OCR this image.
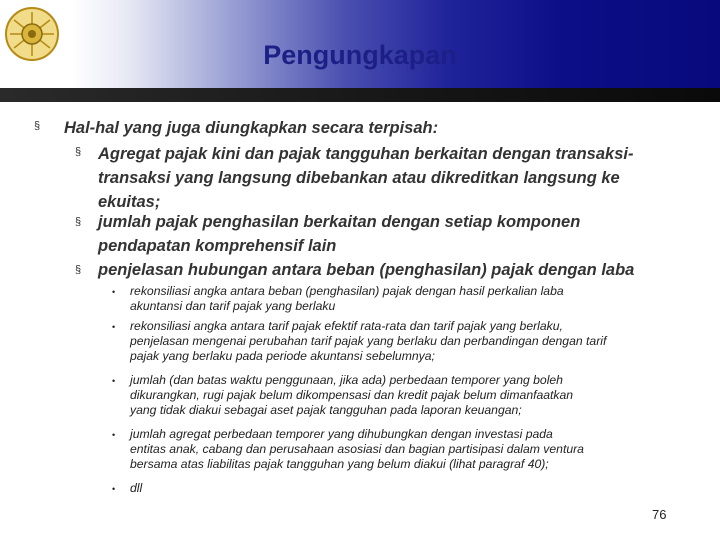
Pengungkapan
§ Hal-hal yang juga diungkapkan secara terpisah:
§ Agregat pajak kini dan pajak tangguhan berkaitan dengan transaksi-
transaksi yang langsung dibebankan atau dikreditkan langsung ke
ekuitas;
§ jumlah pajak penghasilan berkaitan dengan setiap komponen
pendapatan komprehensif lain
§ penjelasan hubungan antara beban (penghasilan) pajak dengan laba
• rekonsiliasi angka antara beban (penghasilan) pajak dengan hasil perkalian laba
akuntansi dan tarif pajak yang berlaku
• rekonsiliasi angka antara tarif pajak efektif rata-rata dan tarif pajak yang berlaku,
penjelasan mengenai perubahan tarif pajak yang berlaku dan perbandingan dengan tarif
pajak yang berlaku pada periode akuntansi sebelumnya;
• jumlah (dan batas waktu penggunaan, jika ada) perbedaan temporer yang boleh
dikurangkan, rugi pajak belum dikompensasi dan kredit pajak belum dimanfaatkan
yang tidak diakui sebagai aset pajak tangguhan pada laporan keuangan;
• jumlah agregat perbedaan temporer yang dihubungkan dengan investasi pada
entitas anak, cabang dan perusahaan asosiasi dan bagian partisipasi dalam ventura
bersama atas liabilitas pajak tangguhan yang belum diakui (lihat paragraf 40);
• dll
76
